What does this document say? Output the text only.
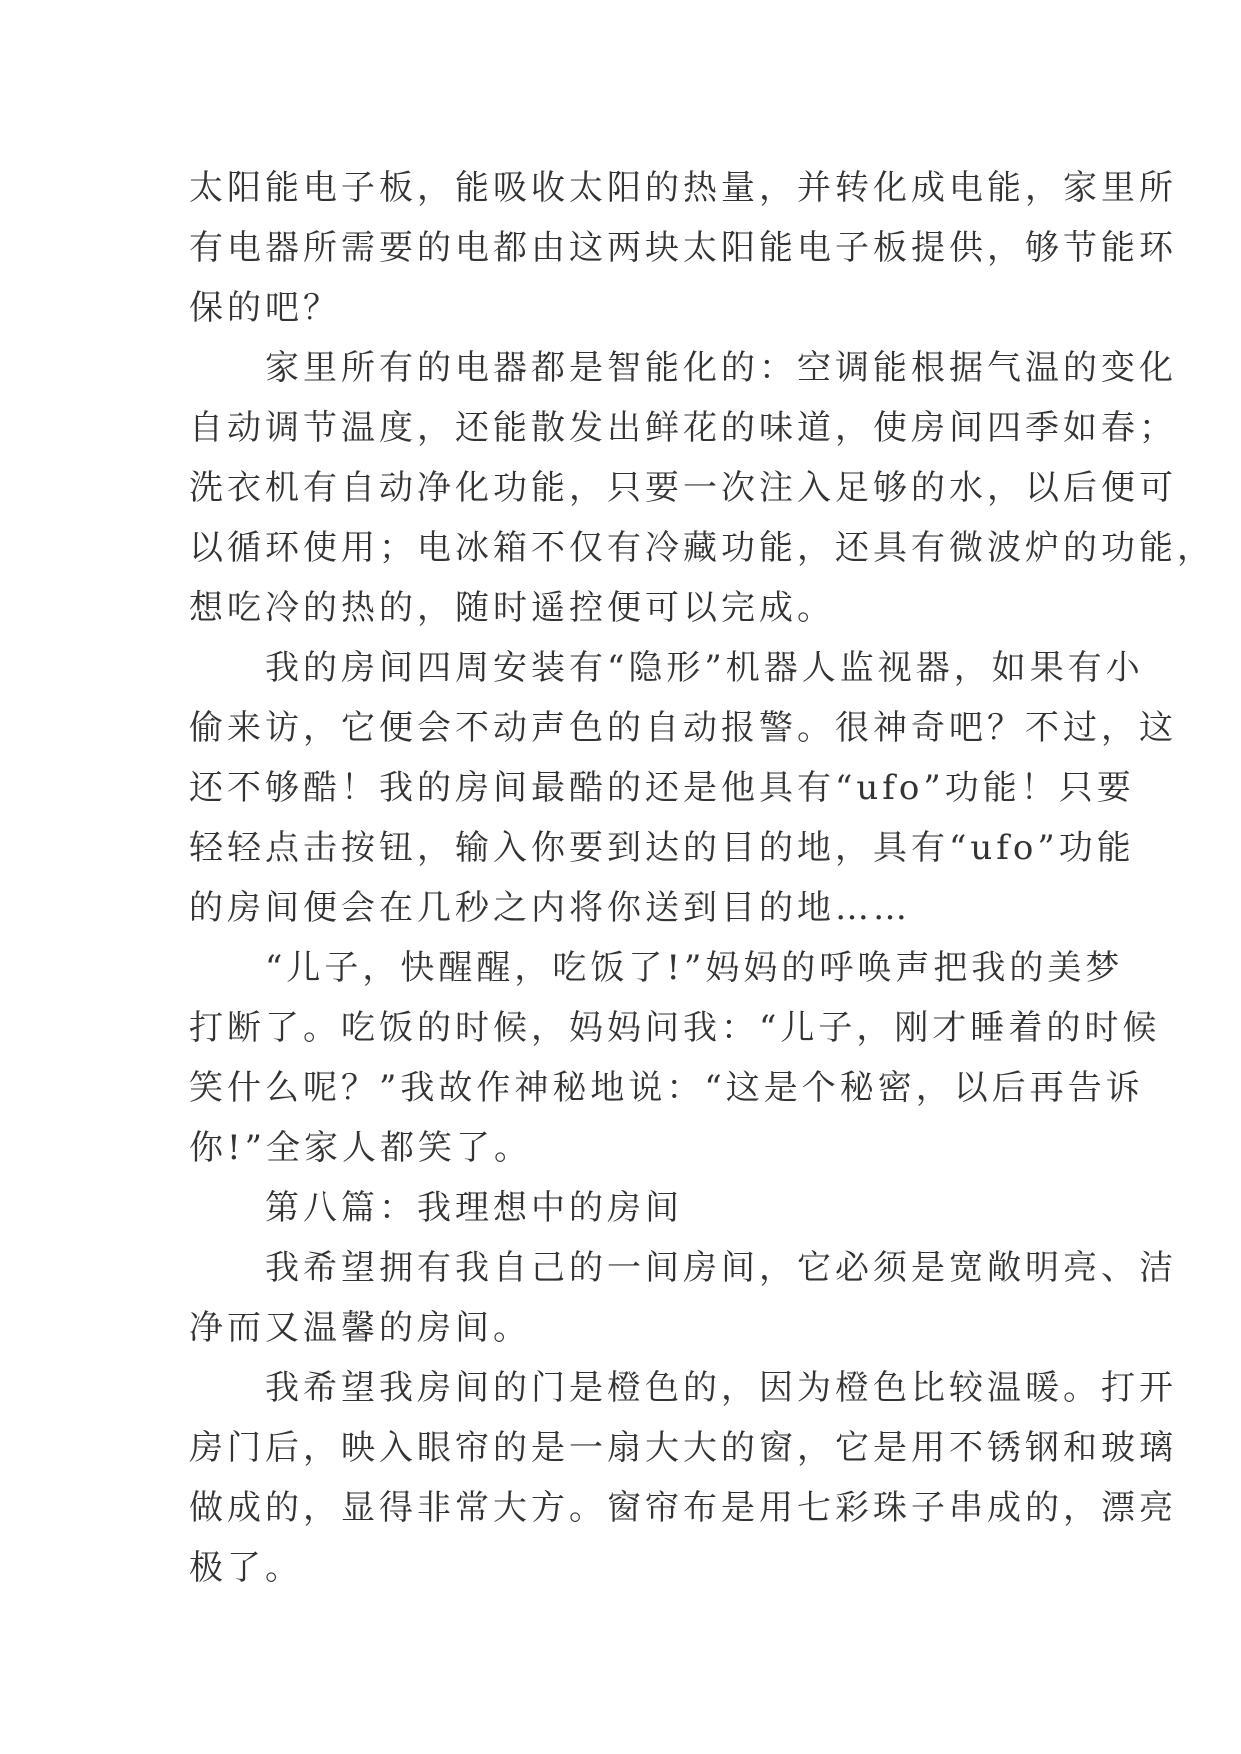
太阳能电子板，能吸收太阳的热量，并转化成电能，家里所
有电器所需要的电都由这两块太阳能电子板提供，够节能环
保的吧？
　　家里所有的电器都是智能化的：空调能根据气温的变化
自动调节温度，还能散发出鲜花的味道，使房间四季如春；
洗衣机有自动净化功能，只要一次注入足够的水，以后便可
以循环使用；电冰箱不仅有冷藏功能，还具有微波炉的功能，
想吃冷的热的，随时遥控便可以完成。
　　我的房间四周安装有“隐形”机器人监视器，如果有小
偷来访，它便会不动声色的自动报警。很神奇吧？不过，这
还不够酷！我的房间最酷的还是他具有“ufo”功能！只要
轻轻点击按钮，输入你要到达的目的地，具有“ufo”功能
的房间便会在几秒之内将你送到目的地……
　　“儿子，快醒醒，吃饭了!”妈妈的呼唤声把我的美梦
打断了。吃饭的时候，妈妈问我：“儿子，刚才睡着的时候
笑什么呢？”我故作神秘地说：“这是个秘密，以后再告诉
你!”全家人都笑了。
　　第八篇：我理想中的房间
　　我希望拥有我自己的一间房间，它必须是宽敞明亮、洁
净而又温馨的房间。
　　我希望我房间的门是橙色的，因为橙色比较温暖。打开
房门后，映入眼帘的是一扇大大的窗，它是用不锈钢和玻璃
做成的，显得非常大方。窗帘布是用七彩珠子串成的，漂亮
极了。
